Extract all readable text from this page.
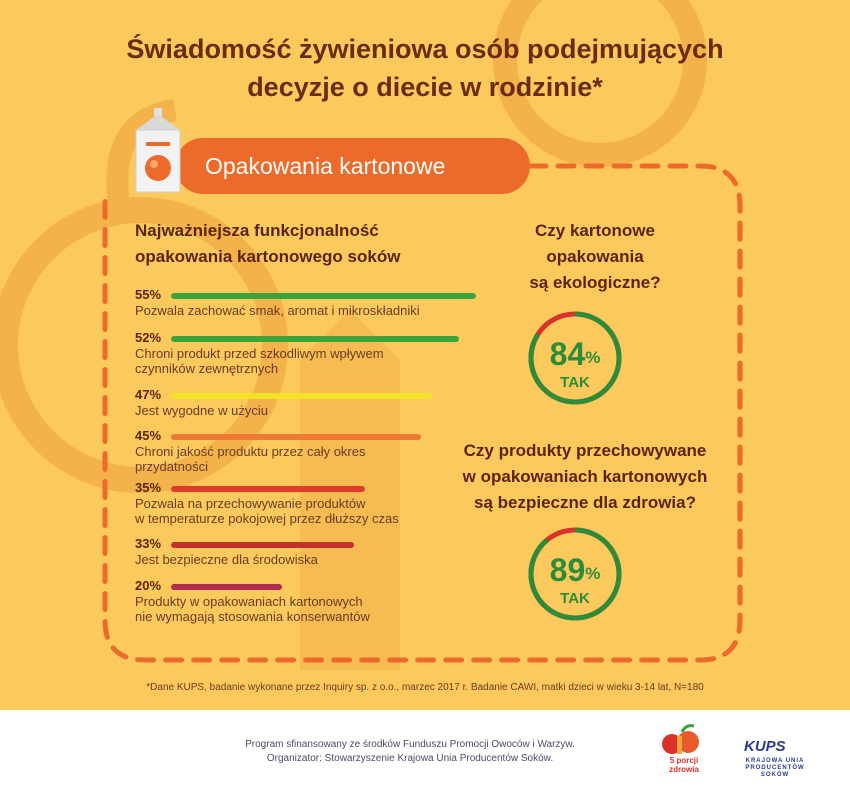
Świadomość żywieniowa osób podejmujących
decyzje o diecie w rodzinie*
Opakowania kartonowe
Najważniejsza funkcjonalność
opakowania kartonowego soków
55%
Pozwala zachować smak, aromat i mikroskładniki
52%
Chroni produkt przed szkodliwym wpływem
czynników zewnętrznych
47%
Jest wygodne w użyciu
45%
Chroni jakość produktu przez cały okres
przydatności
35%
Pozwala na przechowywanie produktów
w temperaturze pokojowej przez dłuższy czas
33%
Jest bezpieczne dla środowiska
20%
Produkty w opakowaniach kartonowych
nie wymagają stosowania konserwantów
Czy kartonowe
opakowania
są ekologiczne?
84%
TAK
Czy produkty przechowywane
w opakowaniach kartonowych
są bezpieczne dla zdrowia?
89%
TAK
*Dane KUPS, badanie wykonane przez Inquiry sp. z o.o., marzec 2017 r. Badanie CAWI, matki dzieci w wieku 3-14 lat, N=180
Program sfinansowany ze środków Funduszu Promocji Owoców i Warzyw.
Organizator: Stowarzyszenie Krajowa Unia Producentów Soków.	5 porcji zdrowia
KUPS
KRAJOWA UNIA PRODUCENTÓW SOKÓW
